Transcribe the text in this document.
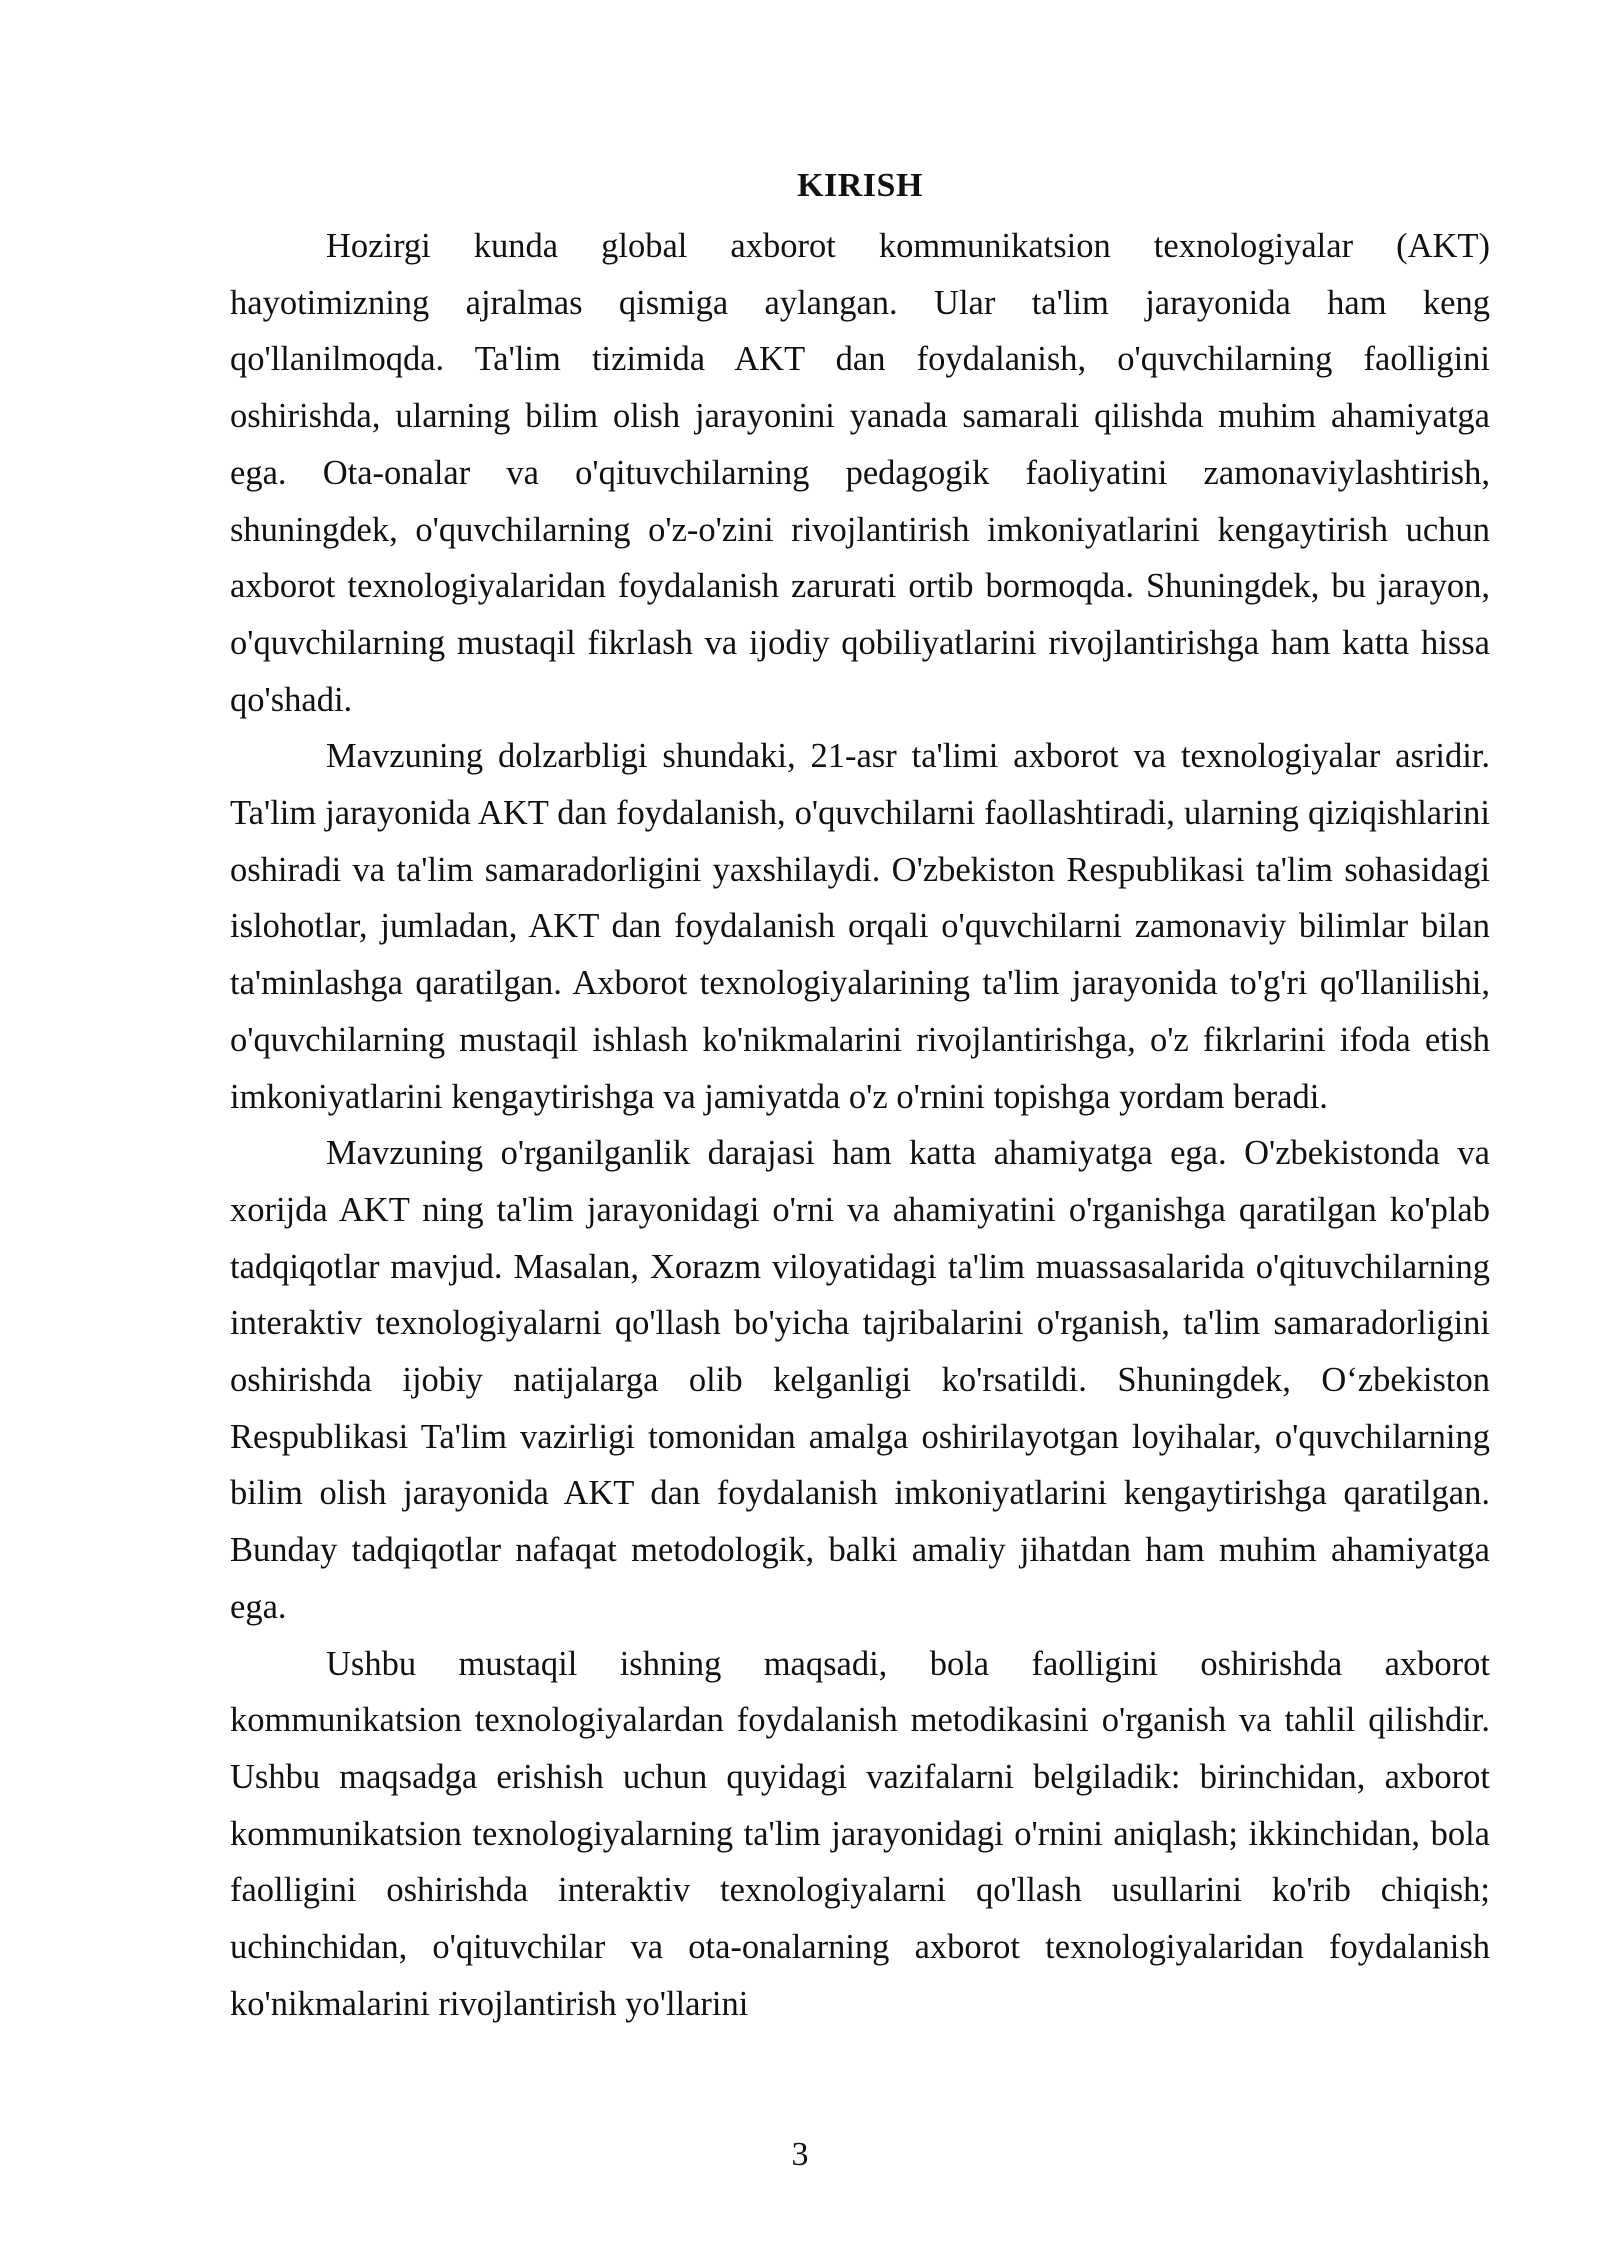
KIRISH

Hozirgi kunda global axborot kommunikatsion texnologiyalar (AKT) hayotimizning ajralmas qismiga aylangan. Ular ta'lim jarayonida ham keng qo'llanilmoqda. Ta'lim tizimida AKT dan foydalanish, o'quvchilarning faolligini oshirishda, ularning bilim olish jarayonini yanada samarali qilishda muhim ahamiyatga ega. Ota-onalar va o'qituvchilarning pedagogik faoliyatini zamonaviylashtirish, shuningdek, o'quvchilarning o'z-o'zini rivojlantirish imkoniyatlarini kengaytirish uchun axborot texnologiyalaridan foydalanish zarurati ortib bormoqda. Shuningdek, bu jarayon, o'quvchilarning mustaqil fikrlash va ijodiy qobiliyatlarini rivojlantirishga ham katta hissa qo'shadi.

Mavzuning dolzarbligi shundaki, 21-asr ta'limi axborot va texnologiyalar asridir. Ta'lim jarayonida AKT dan foydalanish, o'quvchilarni faollashtiradi, ularning qiziqishlarini oshiradi va ta'lim samaradorligini yaxshilaydi. O'zbekiston Respublikasi ta'lim sohasidagi islohotlar, jumladan, AKT dan foydalanish orqali o'quvchilarni zamonaviy bilimlar bilan ta'minlashga qaratilgan. Axborot texnologiyalarining ta'lim jarayonida to'g'ri qo'llanilishi, o'quvchilarning mustaqil ishlash ko'nikmalarini rivojlantirishga, o'z fikrlarini ifoda etish imkoniyatlarini kengaytirishga va jamiyatda o'z o'rnini topishga yordam beradi.

Mavzuning o'rganilganlik darajasi ham katta ahamiyatga ega. O'zbekistonda va xorijda AKT ning ta'lim jarayonidagi o'rni va ahamiyatini o'rganishga qaratilgan ko'plab tadqiqotlar mavjud. Masalan, Xorazm viloyatidagi ta'lim muassasalarida o'qituvchilarning interaktiv texnologiyalarni qo'llash bo'yicha tajribalarini o'rganish, ta'lim samaradorligini oshirishda ijobiy natijalarga olib kelganligi ko'rsatildi. Shuningdek, Oʻzbekiston Respublikasi Ta'lim vazirligi tomonidan amalga oshirilayotgan loyihalar, o'quvchilarning bilim olish jarayonida AKT dan foydalanish imkoniyatlarini kengaytirishga qaratilgan. Bunday tadqiqotlar nafaqat metodologik, balki amaliy jihatdan ham muhim ahamiyatga ega.

Ushbu mustaqil ishning maqsadi, bola faolligini oshirishda axborot kommunikatsion texnologiyalardan foydalanish metodikasini o'rganish va tahlil qilishdir. Ushbu maqsadga erishish uchun quyidagi vazifalarni belgiladik: birinchidan, axborot kommunikatsion texnologiyalarning ta'lim jarayonidagi o'rnini aniqlash; ikkinchidan, bola faolligini oshirishda interaktiv texnologiyalarni qo'llash usullarini ko'rib chiqish; uchinchidan, o'qituvchilar va ota-onalarning axborot texnologiyalaridan foydalanish ko'nikmalarini rivojlantirish yo'llarini

3
